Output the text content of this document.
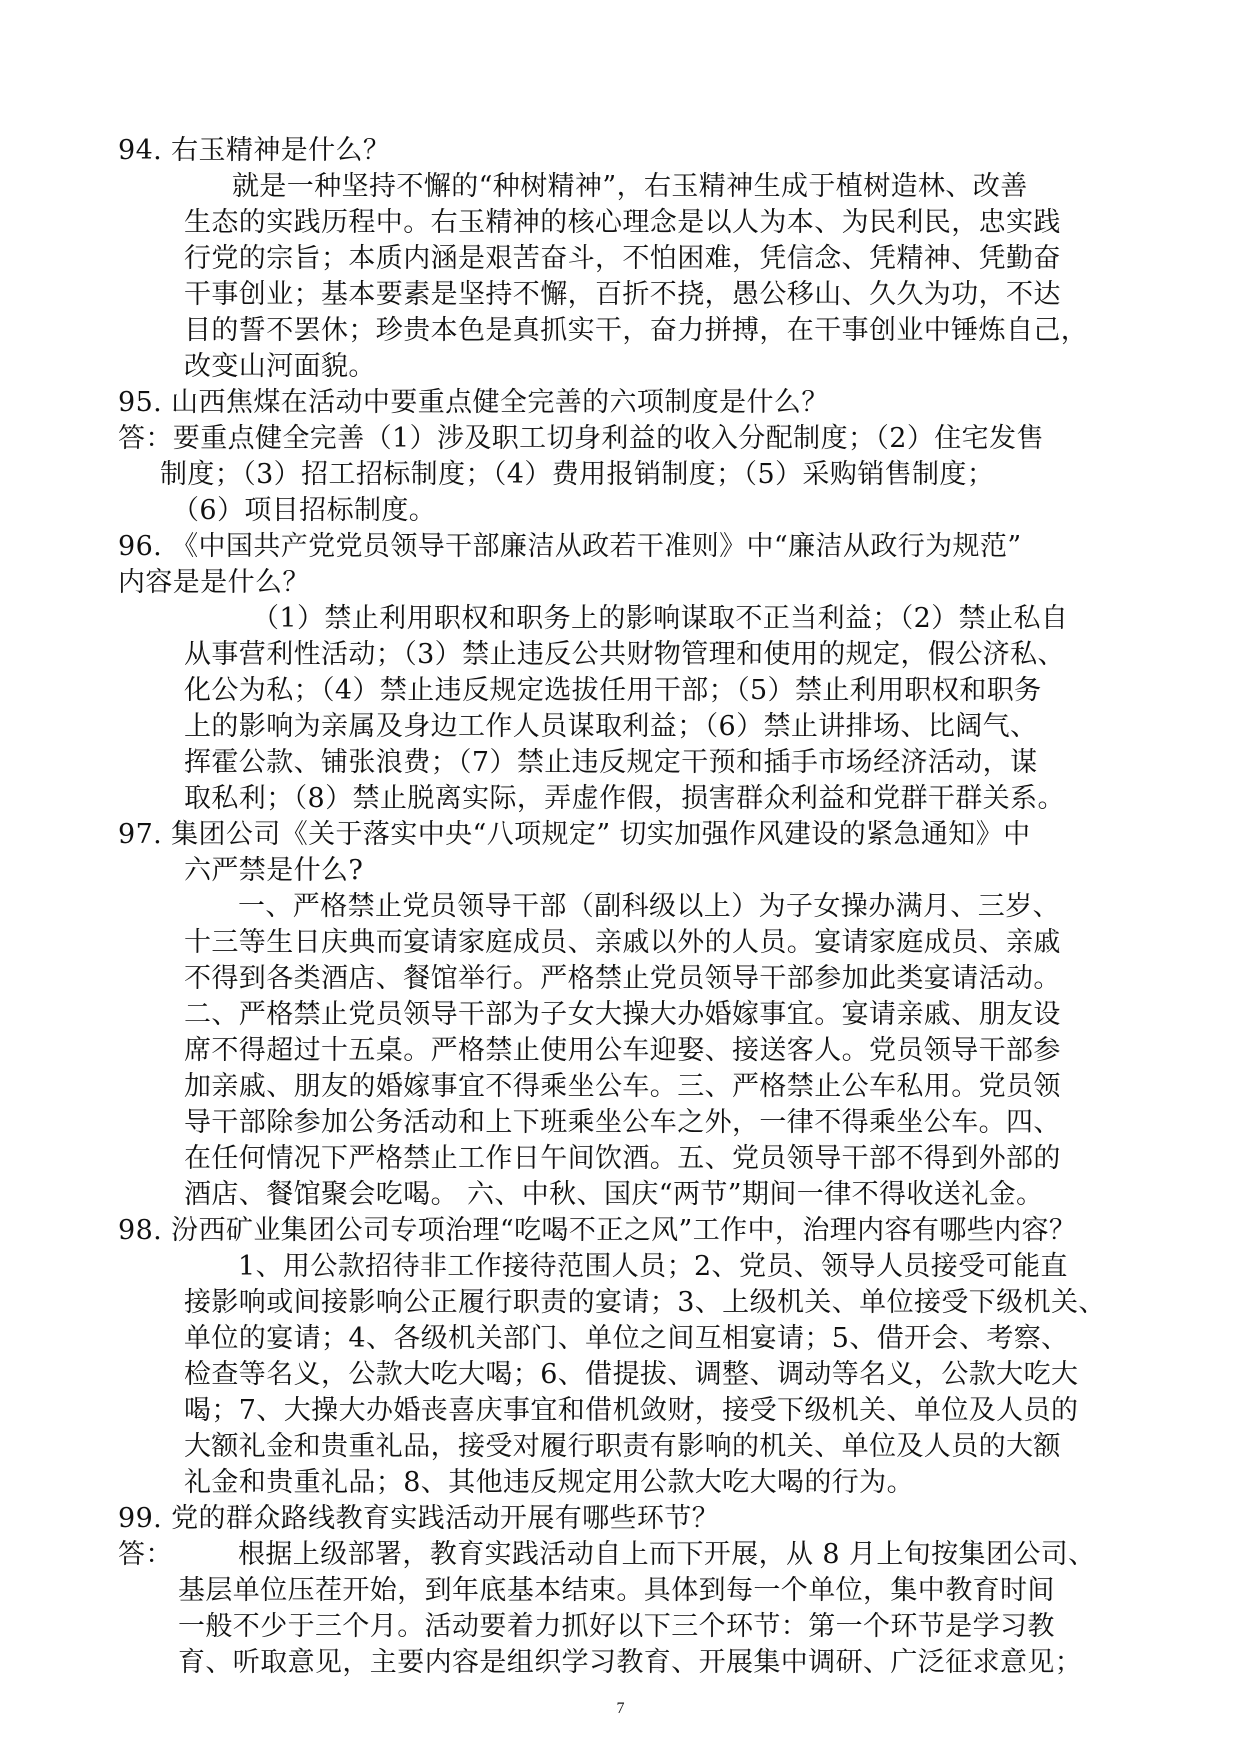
94. 右玉精神是什么？
就是一种坚持不懈的“种树精神”，右玉精神生成于植树造林、改善
生态的实践历程中。右玉精神的核心理念是以人为本、为民利民，忠实践
行党的宗旨；本质内涵是艰苦奋斗，不怕困难，凭信念、凭精神、凭勤奋
干事创业；基本要素是坚持不懈，百折不挠，愚公移山、久久为功，不达
目的誓不罢休；珍贵本色是真抓实干，奋力拼搏，在干事创业中锤炼自己，
改变山河面貌。
95. 山西焦煤在活动中要重点健全完善的六项制度是什么？
答：要重点健全完善（1）涉及职工切身利益的收入分配制度；（2）住宅发售
制度；（3）招工招标制度；（4）费用报销制度；（5）采购销售制度；
（6）项目招标制度。
96. 《中国共产党党员领导干部廉洁从政若干准则》中“廉洁从政行为规范”
内容是是什么？
（1）禁止利用职权和职务上的影响谋取不正当利益；（2）禁止私自
从事营利性活动；（3）禁止违反公共财物管理和使用的规定，假公济私、
化公为私；（4）禁止违反规定选拔任用干部；（5）禁止利用职权和职务
上的影响为亲属及身边工作人员谋取利益；（6）禁止讲排场、比阔气、
挥霍公款、铺张浪费；（7）禁止违反规定干预和插手市场经济活动，谋
取私利；（8）禁止脱离实际，弄虚作假，损害群众利益和党群干群关系。
97. 集团公司《关于落实中央“八项规定” 切实加强作风建设的紧急通知》中
六严禁是什么?
一、严格禁止党员领导干部（副科级以上）为子女操办满月、三岁、
十三等生日庆典而宴请家庭成员、亲戚以外的人员。宴请家庭成员、亲戚
不得到各类酒店、餐馆举行。严格禁止党员领导干部参加此类宴请活动。
二、严格禁止党员领导干部为子女大操大办婚嫁事宜。宴请亲戚、朋友设
席不得超过十五桌。严格禁止使用公车迎娶、接送客人。党员领导干部参
加亲戚、朋友的婚嫁事宜不得乘坐公车。三、严格禁止公车私用。党员领
导干部除参加公务活动和上下班乘坐公车之外，一律不得乘坐公车。四、
在任何情况下严格禁止工作日午间饮酒。五、党员领导干部不得到外部的
酒店、餐馆聚会吃喝。 六、中秋、国庆“两节”期间一律不得收送礼金。
98. 汾西矿业集团公司专项治理“吃喝不正之风”工作中，治理内容有哪些内容？
1、用公款招待非工作接待范围人员；2、党员、领导人员接受可能直
接影响或间接影响公正履行职责的宴请；3、上级机关、单位接受下级机关、
单位的宴请；4、各级机关部门、单位之间互相宴请；5、借开会、考察、
检查等名义，公款大吃大喝；6、借提拔、调整、调动等名义，公款大吃大
喝；7、大操大办婚丧喜庆事宜和借机敛财，接受下级机关、单位及人员的
大额礼金和贵重礼品，接受对履行职责有影响的机关、单位及人员的大额
礼金和贵重礼品；8、其他违反规定用公款大吃大喝的行为。
99. 党的群众路线教育实践活动开展有哪些环节？
答： 根据上级部署，教育实践活动自上而下开展，从 8 月上旬按集团公司、
基层单位压茬开始，到年底基本结束。具体到每一个单位，集中教育时间
一般不少于三个月。活动要着力抓好以下三个环节：第一个环节是学习教
育、听取意见，主要内容是组织学习教育、开展集中调研、广泛征求意见；
7
